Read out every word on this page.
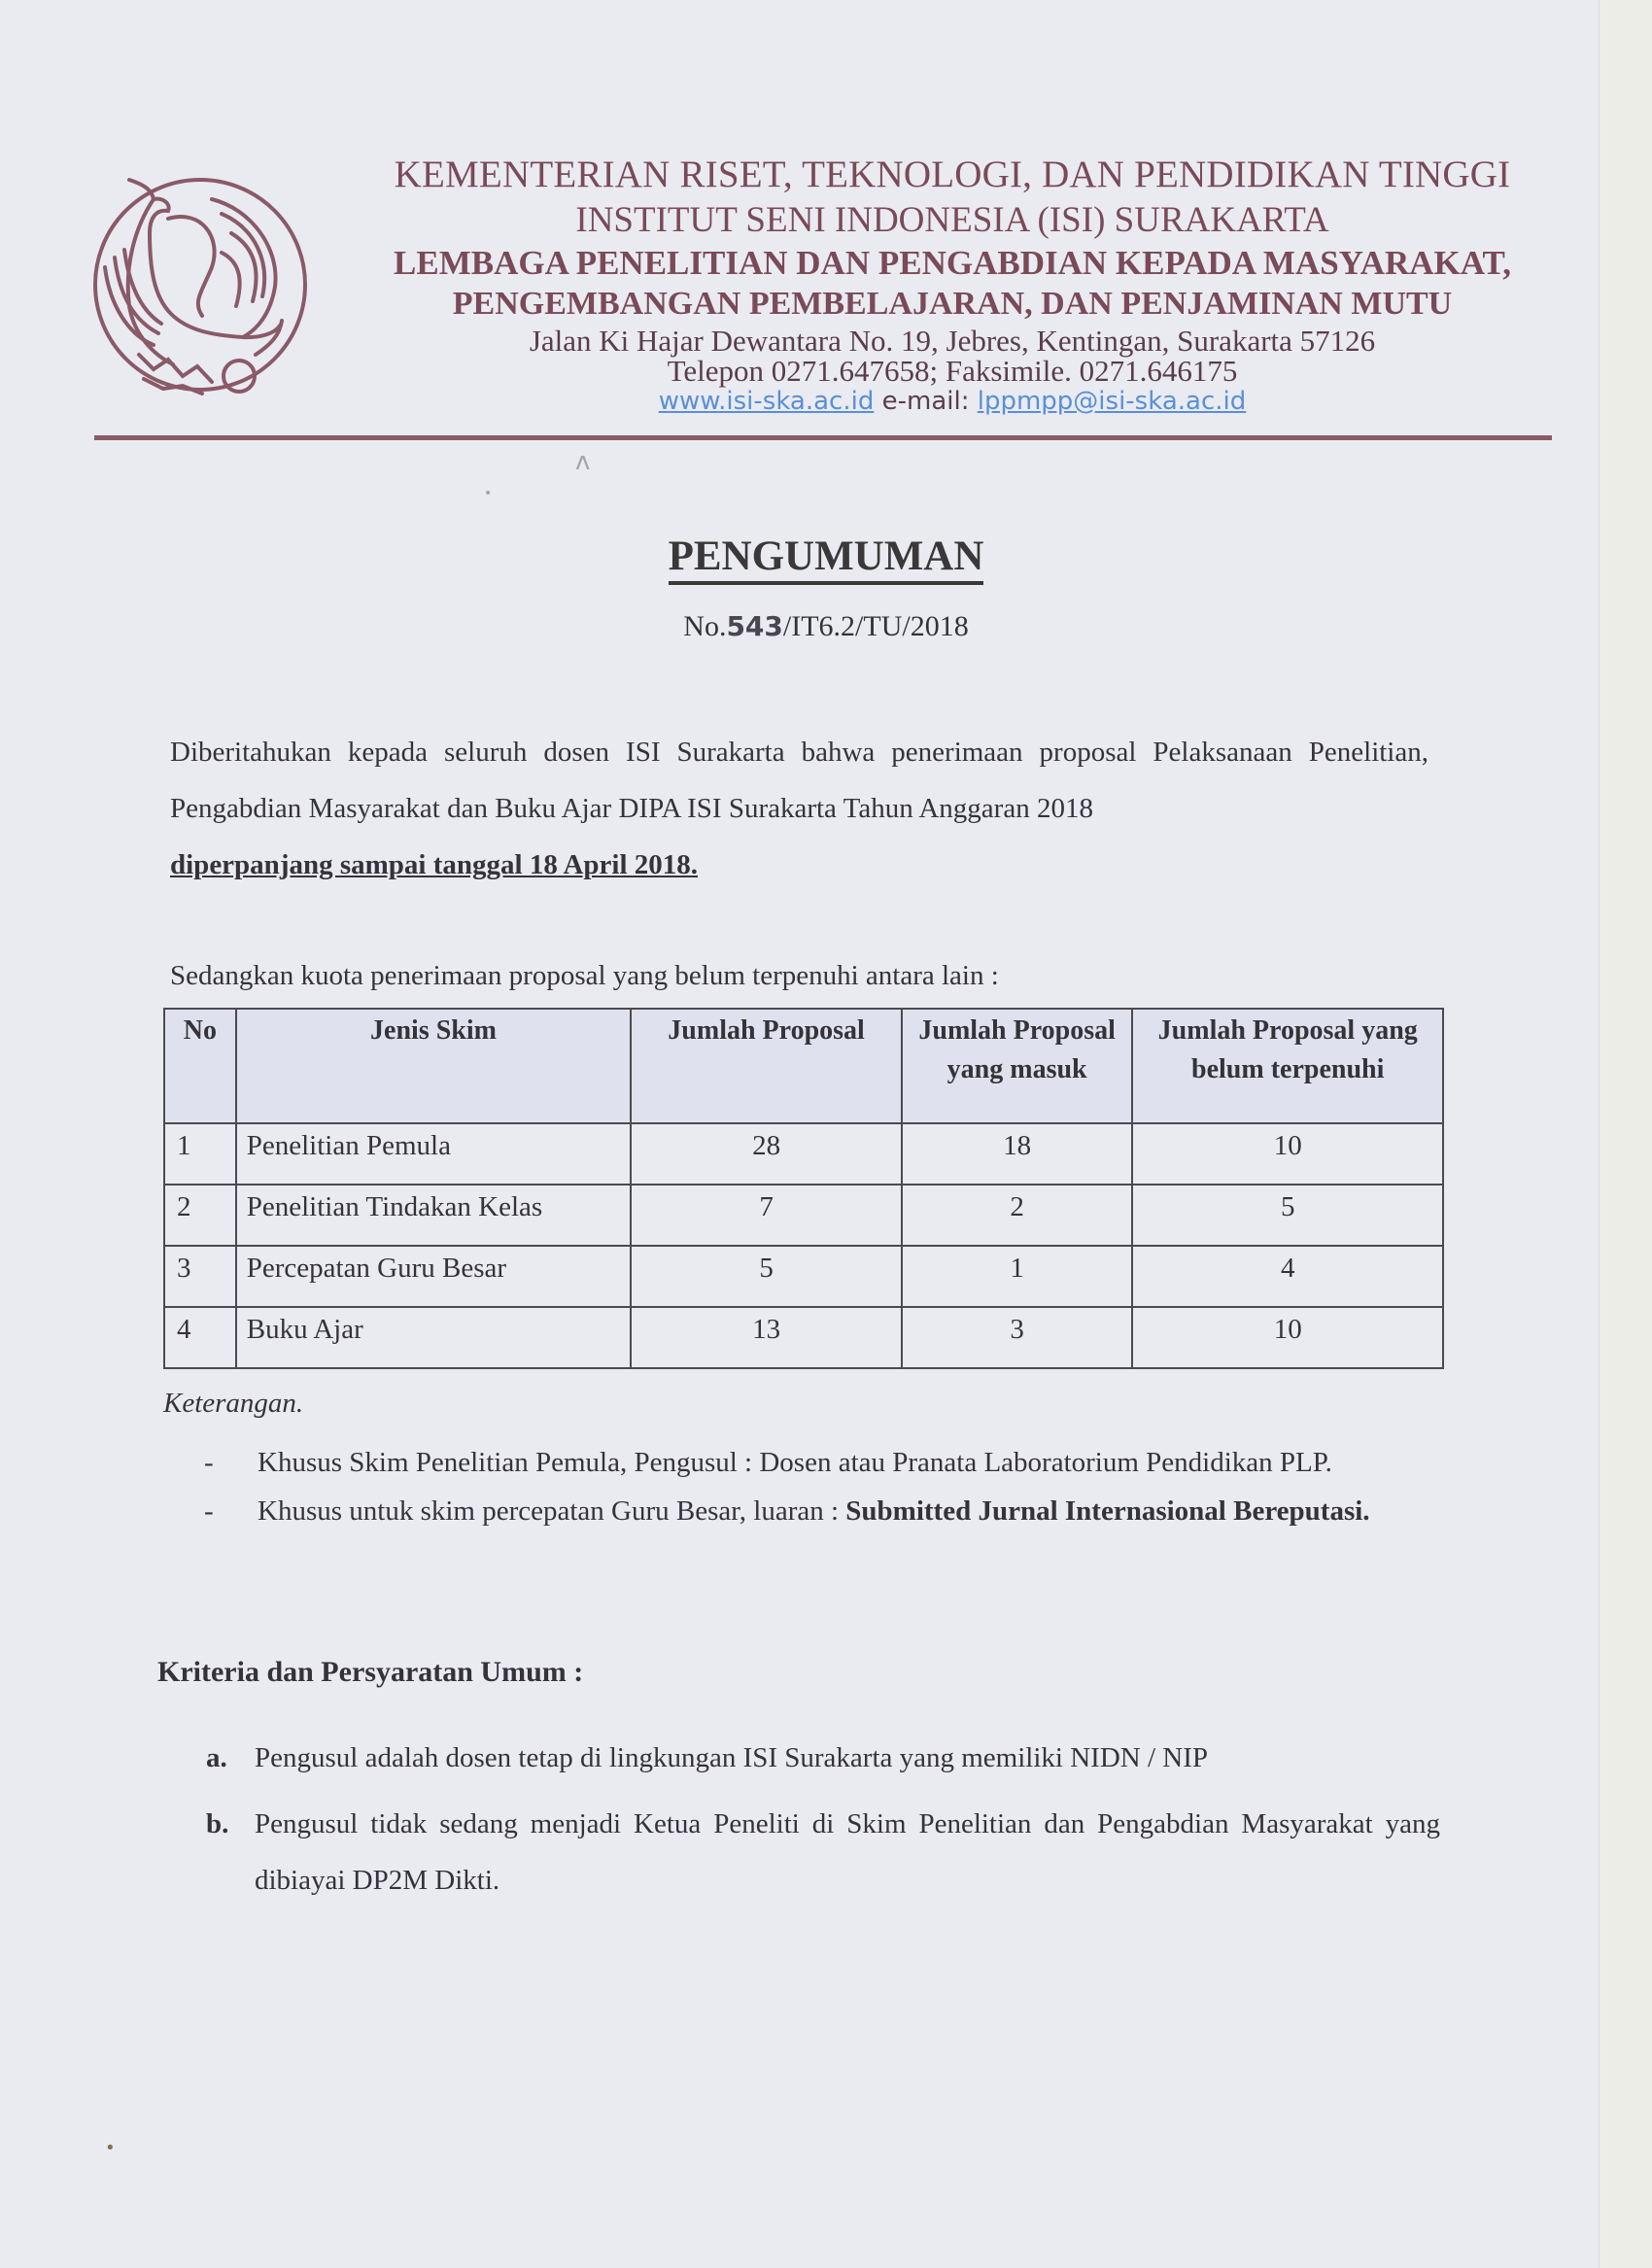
KEMENTERIAN RISET, TEKNOLOGI, DAN PENDIDIKAN TINGGI
INSTITUT SENI INDONESIA (ISI) SURAKARTA
LEMBAGA PENELITIAN DAN PENGABDIAN KEPADA MASYARAKAT,
PENGEMBANGAN PEMBELAJARAN, DAN PENJAMINAN MUTU
Jalan Ki Hajar Dewantara No. 19, Jebres, Kentingan, Surakarta 57126
Telepon 0271.647658; Faksimile. 0271.646175
www.isi-ska.ac.id e-mail: lppmpp@isi-ska.ac.id
ʌ
•
PENGUMUMAN
No.543/IT6.2/TU/2018
Diberitahukan kepada seluruh dosen ISI Surakarta bahwa penerimaan proposal Pelaksanaan Penelitian, Pengabdian Masyarakat dan Buku Ajar DIPA ISI Surakarta Tahun Anggaran 2018
diperpanjang sampai tanggal 18 April 2018.
Sedangkan kuota penerimaan proposal yang belum terpenuhi antara lain :
No	Jenis Skim	Jumlah Proposal	Jumlah Proposal yang masuk	Jumlah Proposal yang belum terpenuhi
1	Penelitian Pemula	28	18	10
2	Penelitian Tindakan Kelas	7	2	5
3	Percepatan Guru Besar	5	1	4
4	Buku Ajar	13	3	10
Keterangan.
- Khusus Skim Penelitian Pemula, Pengusul : Dosen atau Pranata Laboratorium Pendidikan PLP.
- Khusus untuk skim percepatan Guru Besar, luaran : Submitted Jurnal Internasional Bereputasi.
Kriteria dan Persyaratan Umum :
a. Pengusul adalah dosen tetap di lingkungan ISI Surakarta yang memiliki NIDN / NIP
b. Pengusul tidak sedang menjadi Ketua Peneliti di Skim Penelitian dan Pengabdian Masyarakat yang dibiayai DP2M Dikti.
•
